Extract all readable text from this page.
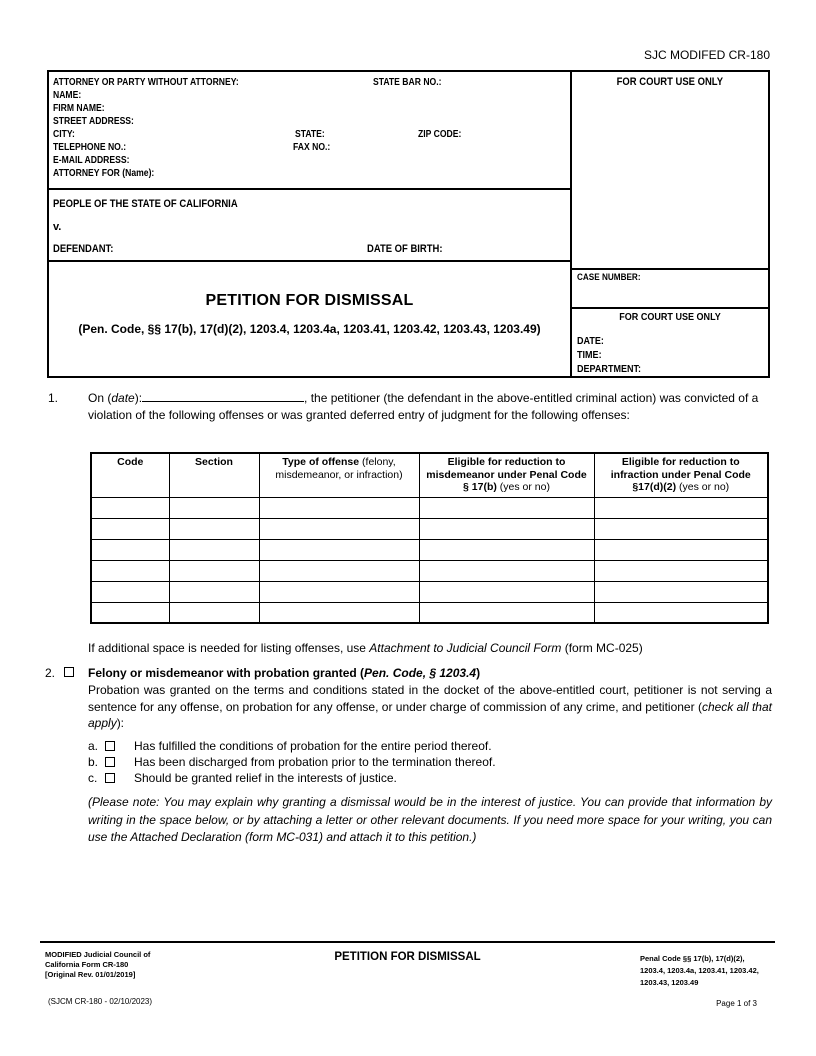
SJC MODIFED CR-180
ATTORNEY OR PARTY WITHOUT ATTORNEY:	STATE BAR NO.:
NAME:
FIRM NAME:
STREET ADDRESS:
CITY:	STATE:	ZIP CODE:
TELEPHONE NO.:	FAX NO.:
E-MAIL ADDRESS:
ATTORNEY FOR (Name):
PEOPLE OF THE STATE OF CALIFORNIA
v.
DEFENDANT:	DATE OF BIRTH:
PETITION FOR DISMISSAL
(Pen. Code, §§ 17(b), 17(d)(2), 1203.4, 1203.4a, 1203.41, 1203.42, 1203.43, 1203.49)
FOR COURT USE ONLY
CASE NUMBER:
FOR COURT USE ONLY
DATE:
TIME:
DEPARTMENT:
1. On (date):	, the petitioner (the defendant in the above-entitled criminal action) was convicted of a violation of the following offenses or was granted deferred entry of judgment for the following offenses:
Code	Section	Type of offense (felony, misdemeanor, or infraction)	Eligible for reduction to misdemeanor under Penal Code § 17(b) (yes or no)	Eligible for reduction to infraction under Penal Code §17(d)(2) (yes or no)

If additional space is needed for listing offenses, use Attachment to Judicial Council Form (form MC-025)
2.	Felony or misdemeanor with probation granted (Pen. Code, § 1203.4)
Probation was granted on the terms and conditions stated in the docket of the above-entitled court, petitioner is not serving a sentence for any offense, on probation for any offense, or under charge of commission of any crime, and petitioner (check all that apply):
a.	Has fulfilled the conditions of probation for the entire period thereof.
b.	Has been discharged from probation prior to the termination thereof.
c.	Should be granted relief in the interests of justice.
(Please note: You may explain why granting a dismissal would be in the interest of justice. You can provide that information by writing in the space below, or by attaching a letter or other relevant documents. If you need more space for your writing, you can use the Attached Declaration (form MC-031) and attach it to this petition.)
MODIFIED Judicial Council of
California Form CR-180
[Original Rev. 01/01/2019]
(SJCM CR-180 - 02/10/2023)
PETITION FOR DISMISSAL	Penal Code §§ 17(b), 17(d)(2),
1203.4, 1203.4a, 1203.41, 1203.42,
1203.43, 1203.49
Page 1 of 3
